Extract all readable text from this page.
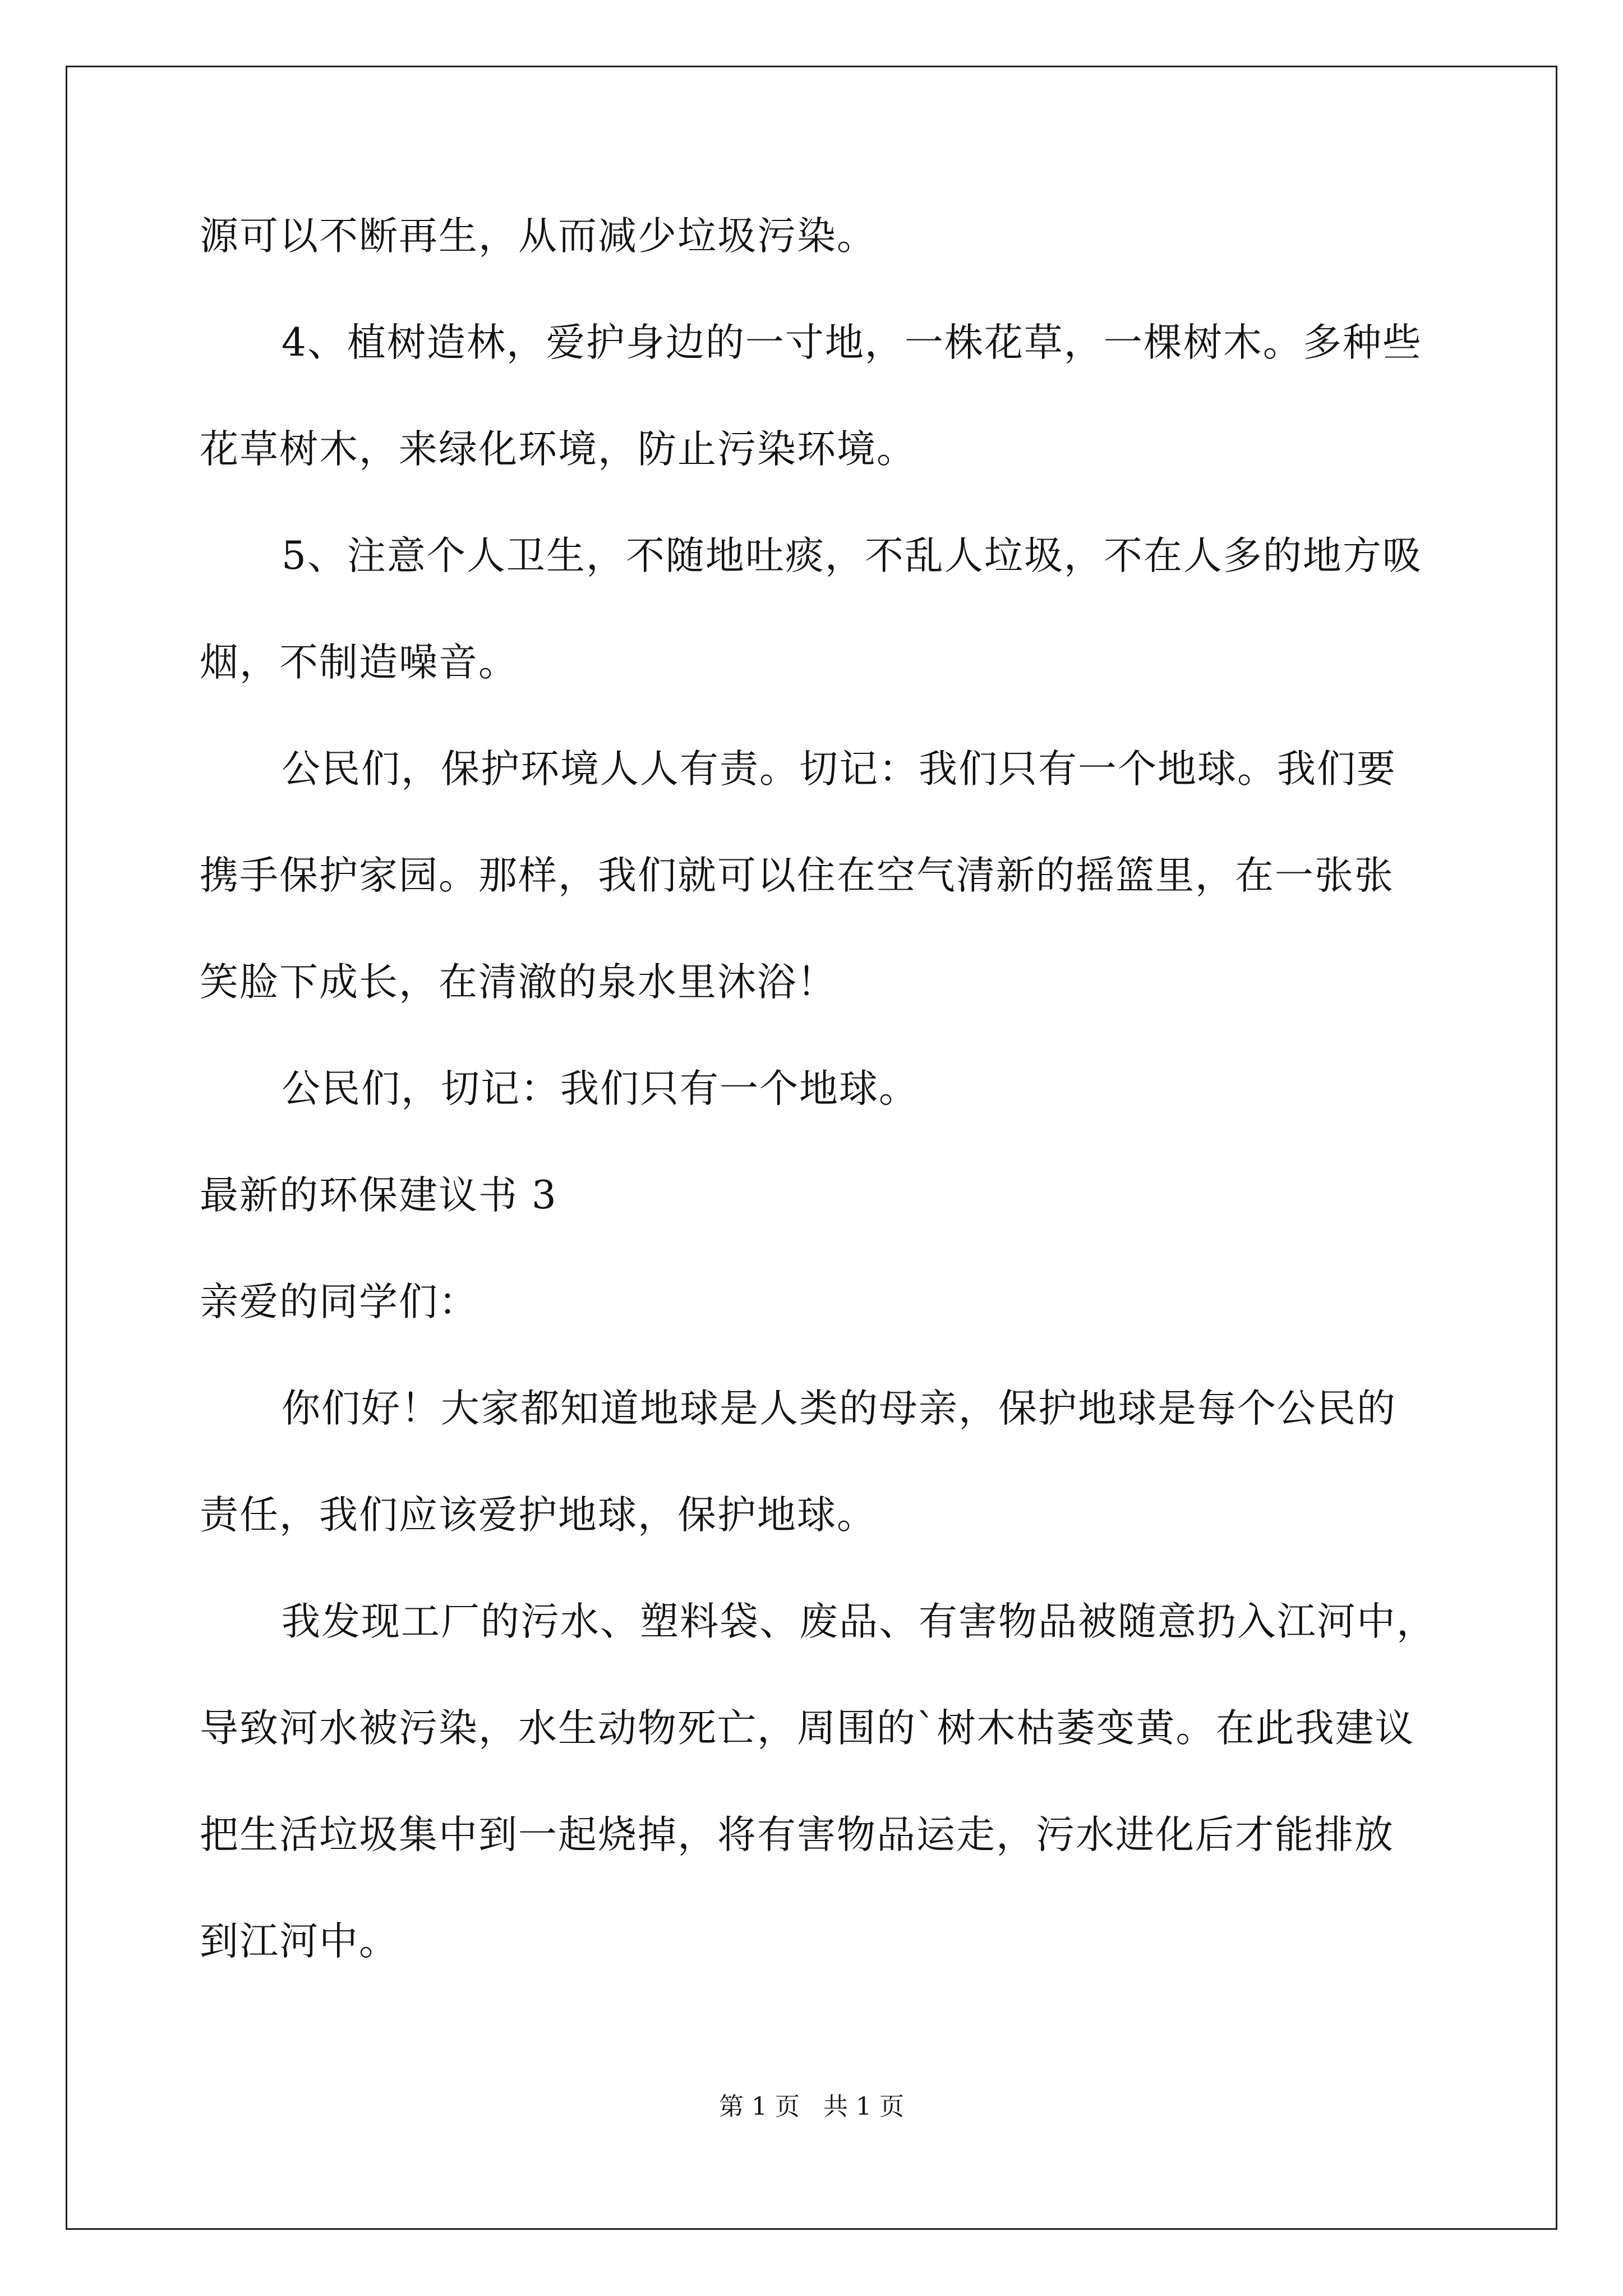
源可以不断再生，从而减少垃圾污染。
4、植树造林，爱护身边的一寸地，一株花草，一棵树木。多种些
花草树木，来绿化环境，防止污染环境。
5、注意个人卫生，不随地吐痰，不乱人垃圾，不在人多的地方吸
烟，不制造噪音。
公民们，保护环境人人有责。切记：我们只有一个地球。我们要
携手保护家园。那样，我们就可以住在空气清新的摇篮里，在一张张
笑脸下成长，在清澈的泉水里沐浴！
公民们，切记：我们只有一个地球。
最新的环保建议书 3
亲爱的同学们：
你们好！大家都知道地球是人类的母亲，保护地球是每个公民的
责任，我们应该爱护地球，保护地球。
我发现工厂的污水、塑料袋、废品、有害物品被随意扔入江河中，
导致河水被污染，水生动物死亡，周围的`树木枯萎变黄。在此我建议
把生活垃圾集中到一起烧掉，将有害物品运走，污水进化后才能排放
到江河中。
第 1 页   共 1 页
